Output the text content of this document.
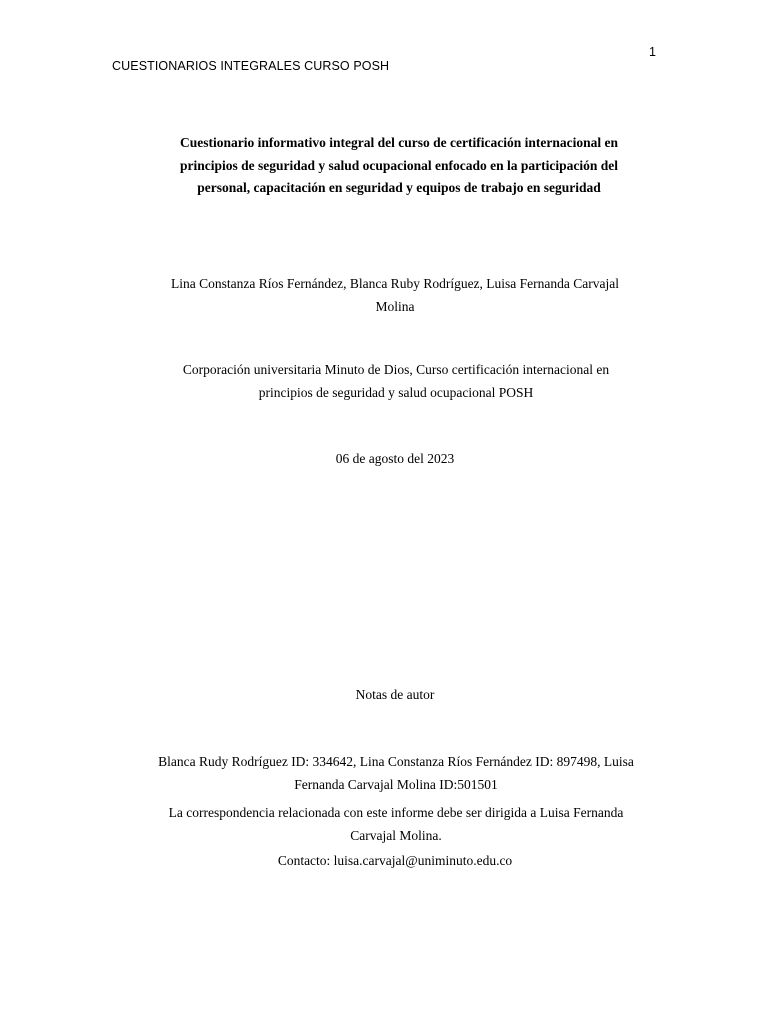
CUESTIONARIOS INTEGRALES CURSO POSH
1
Cuestionario informativo integral del curso de certificación internacional en
principios de seguridad y salud ocupacional enfocado en la participación del
personal, capacitación en seguridad y equipos de trabajo en seguridad
Lina Constanza Ríos Fernández, Blanca Ruby Rodríguez, Luisa Fernanda Carvajal
Molina
Corporación universitaria Minuto de Dios, Curso certificación internacional en
principios de seguridad y salud ocupacional POSH
06 de agosto del 2023
Notas de autor
Blanca Rudy Rodríguez ID: 334642, Lina Constanza Ríos Fernández ID: 897498, Luisa
Fernanda Carvajal Molina ID:501501
La correspondencia relacionada con este informe debe ser dirigida a Luisa Fernanda
Carvajal Molina.
Contacto: luisa.carvajal@uniminuto.edu.co
